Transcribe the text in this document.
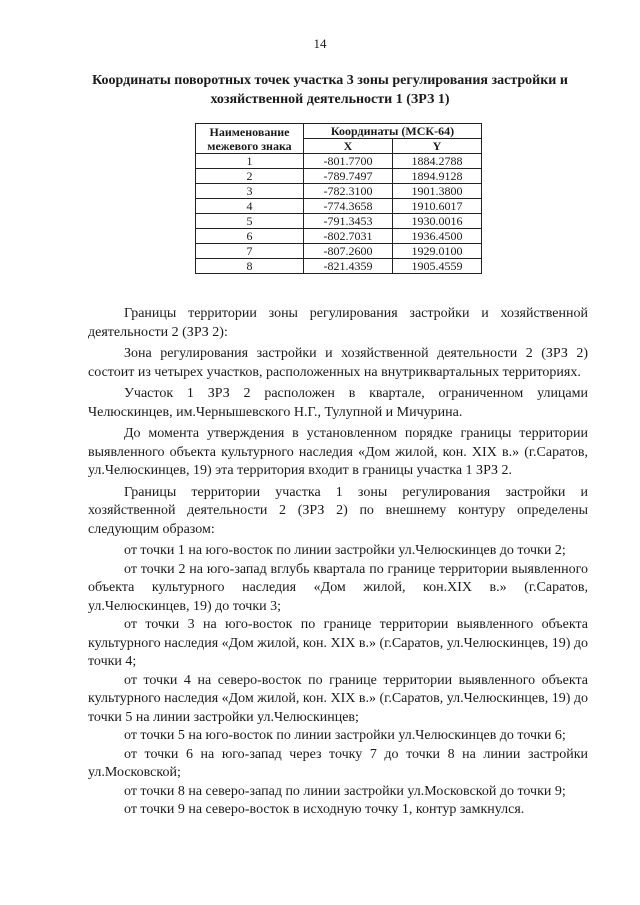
14
Координаты поворотных точек участка 3 зоны регулирования застройки и хозяйственной деятельности 1 (ЗРЗ 1)
Наименование межевого знака	Координаты (МСК-64)	
	X	Y
1	-801.7700	1884.2788
2	-789.7497	1894.9128
3	-782.3100	1901.3800
4	-774.3658	1910.6017
5	-791.3453	1930.0016
6	-802.7031	1936.4500
7	-807.2600	1929.0100
8	-821.4359	1905.4559

Границы территории зоны регулирования застройки и хозяйственной деятельности 2 (ЗРЗ 2):

Зона регулирования застройки и хозяйственной деятельности 2 (ЗРЗ 2) состоит из четырех участков, расположенных на внутриквартальных территориях.

Участок 1 ЗРЗ 2 расположен в квартале, ограниченном улицами Челюскинцев, им.Чернышевского Н.Г., Тулупной и Мичурина.

До момента утверждения в установленном порядке границы территории выявленного объекта культурного наследия «Дом жилой, кон. XIX в.» (г.Саратов, ул.Челюскинцев, 19) эта территория входит в границы участка 1 ЗРЗ 2.

Границы территории участка 1 зоны регулирования застройки и хозяйственной деятельности 2 (ЗРЗ 2) по внешнему контуру определены следующим образом:

от точки 1 на юго-восток по линии застройки ул.Челюскинцев до точки 2;

от точки 2 на юго-запад вглубь квартала по границе территории выявленного объекта культурного наследия «Дом жилой, кон.XIX в.» (г.Саратов, ул.Челюскинцев, 19) до точки 3;

от точки 3 на юго-восток по границе территории выявленного объекта культурного наследия «Дом жилой, кон. XIX в.» (г.Саратов, ул.Челюскинцев, 19) до точки 4;

от точки 4 на северо-восток по границе территории выявленного объекта культурного наследия «Дом жилой, кон. XIX в.» (г.Саратов, ул.Челюскинцев, 19) до точки 5 на линии застройки ул.Челюскинцев;

от точки 5 на юго-восток по линии застройки ул.Челюскинцев до точки 6;

от точки 6 на юго-запад через точку 7 до точки 8 на линии застройки ул.Московской;

от точки 8 на северо-запад по линии застройки ул.Московской до точки 9;

от точки 9 на северо-восток в исходную точку 1, контур замкнулся.
